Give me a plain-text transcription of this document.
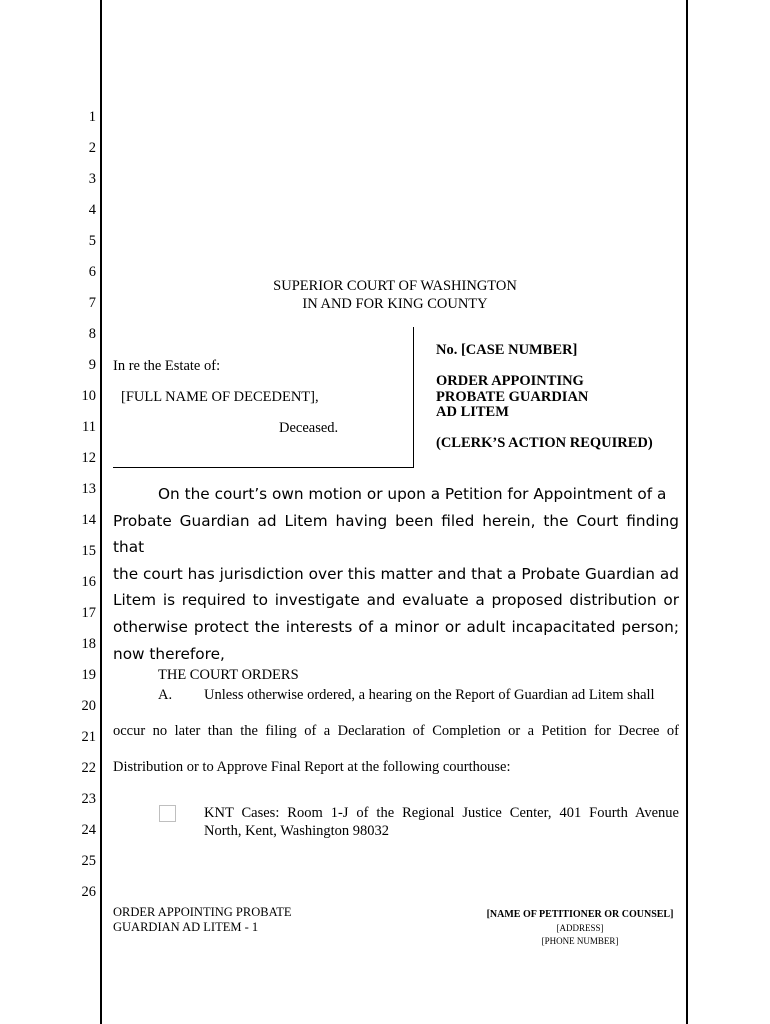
1
2
3
4
5
6
7
8
9
10
11
12
13
14
15
16
17
18
19
20
21
22
23
24
25
26
SUPERIOR COURT OF WASHINGTON
IN AND FOR KING COUNTY
In re the Estate of:
[FULL NAME OF DECEDENT],
Deceased.
No. [CASE NUMBER]
ORDER APPOINTING
PROBATE GUARDIAN
AD LITEM
(CLERK’S ACTION REQUIRED)
On the court’s own motion or upon a Petition for Appointment of a
Probate Guardian ad Litem having been filed herein, the Court finding that
the court has jurisdiction over this matter and that a Probate Guardian ad
Litem is required to investigate and evaluate a proposed distribution or
otherwise protect the interests of a minor or adult incapacitated person;
now therefore,
THE COURT ORDERS
A. Unless otherwise ordered, a hearing on the Report of Guardian ad Litem shall
occur no later than the filing of a Declaration of Completion or a Petition for Decree of
Distribution or to Approve Final Report at the following courthouse:
KNT Cases: Room 1-J of the Regional Justice Center, 401 Fourth Avenue
North, Kent, Washington 98032
ORDER APPOINTING PROBATE
GUARDIAN AD LITEM - 1
[NAME OF PETITIONER OR COUNSEL]
[ADDRESS]
[PHONE NUMBER]
